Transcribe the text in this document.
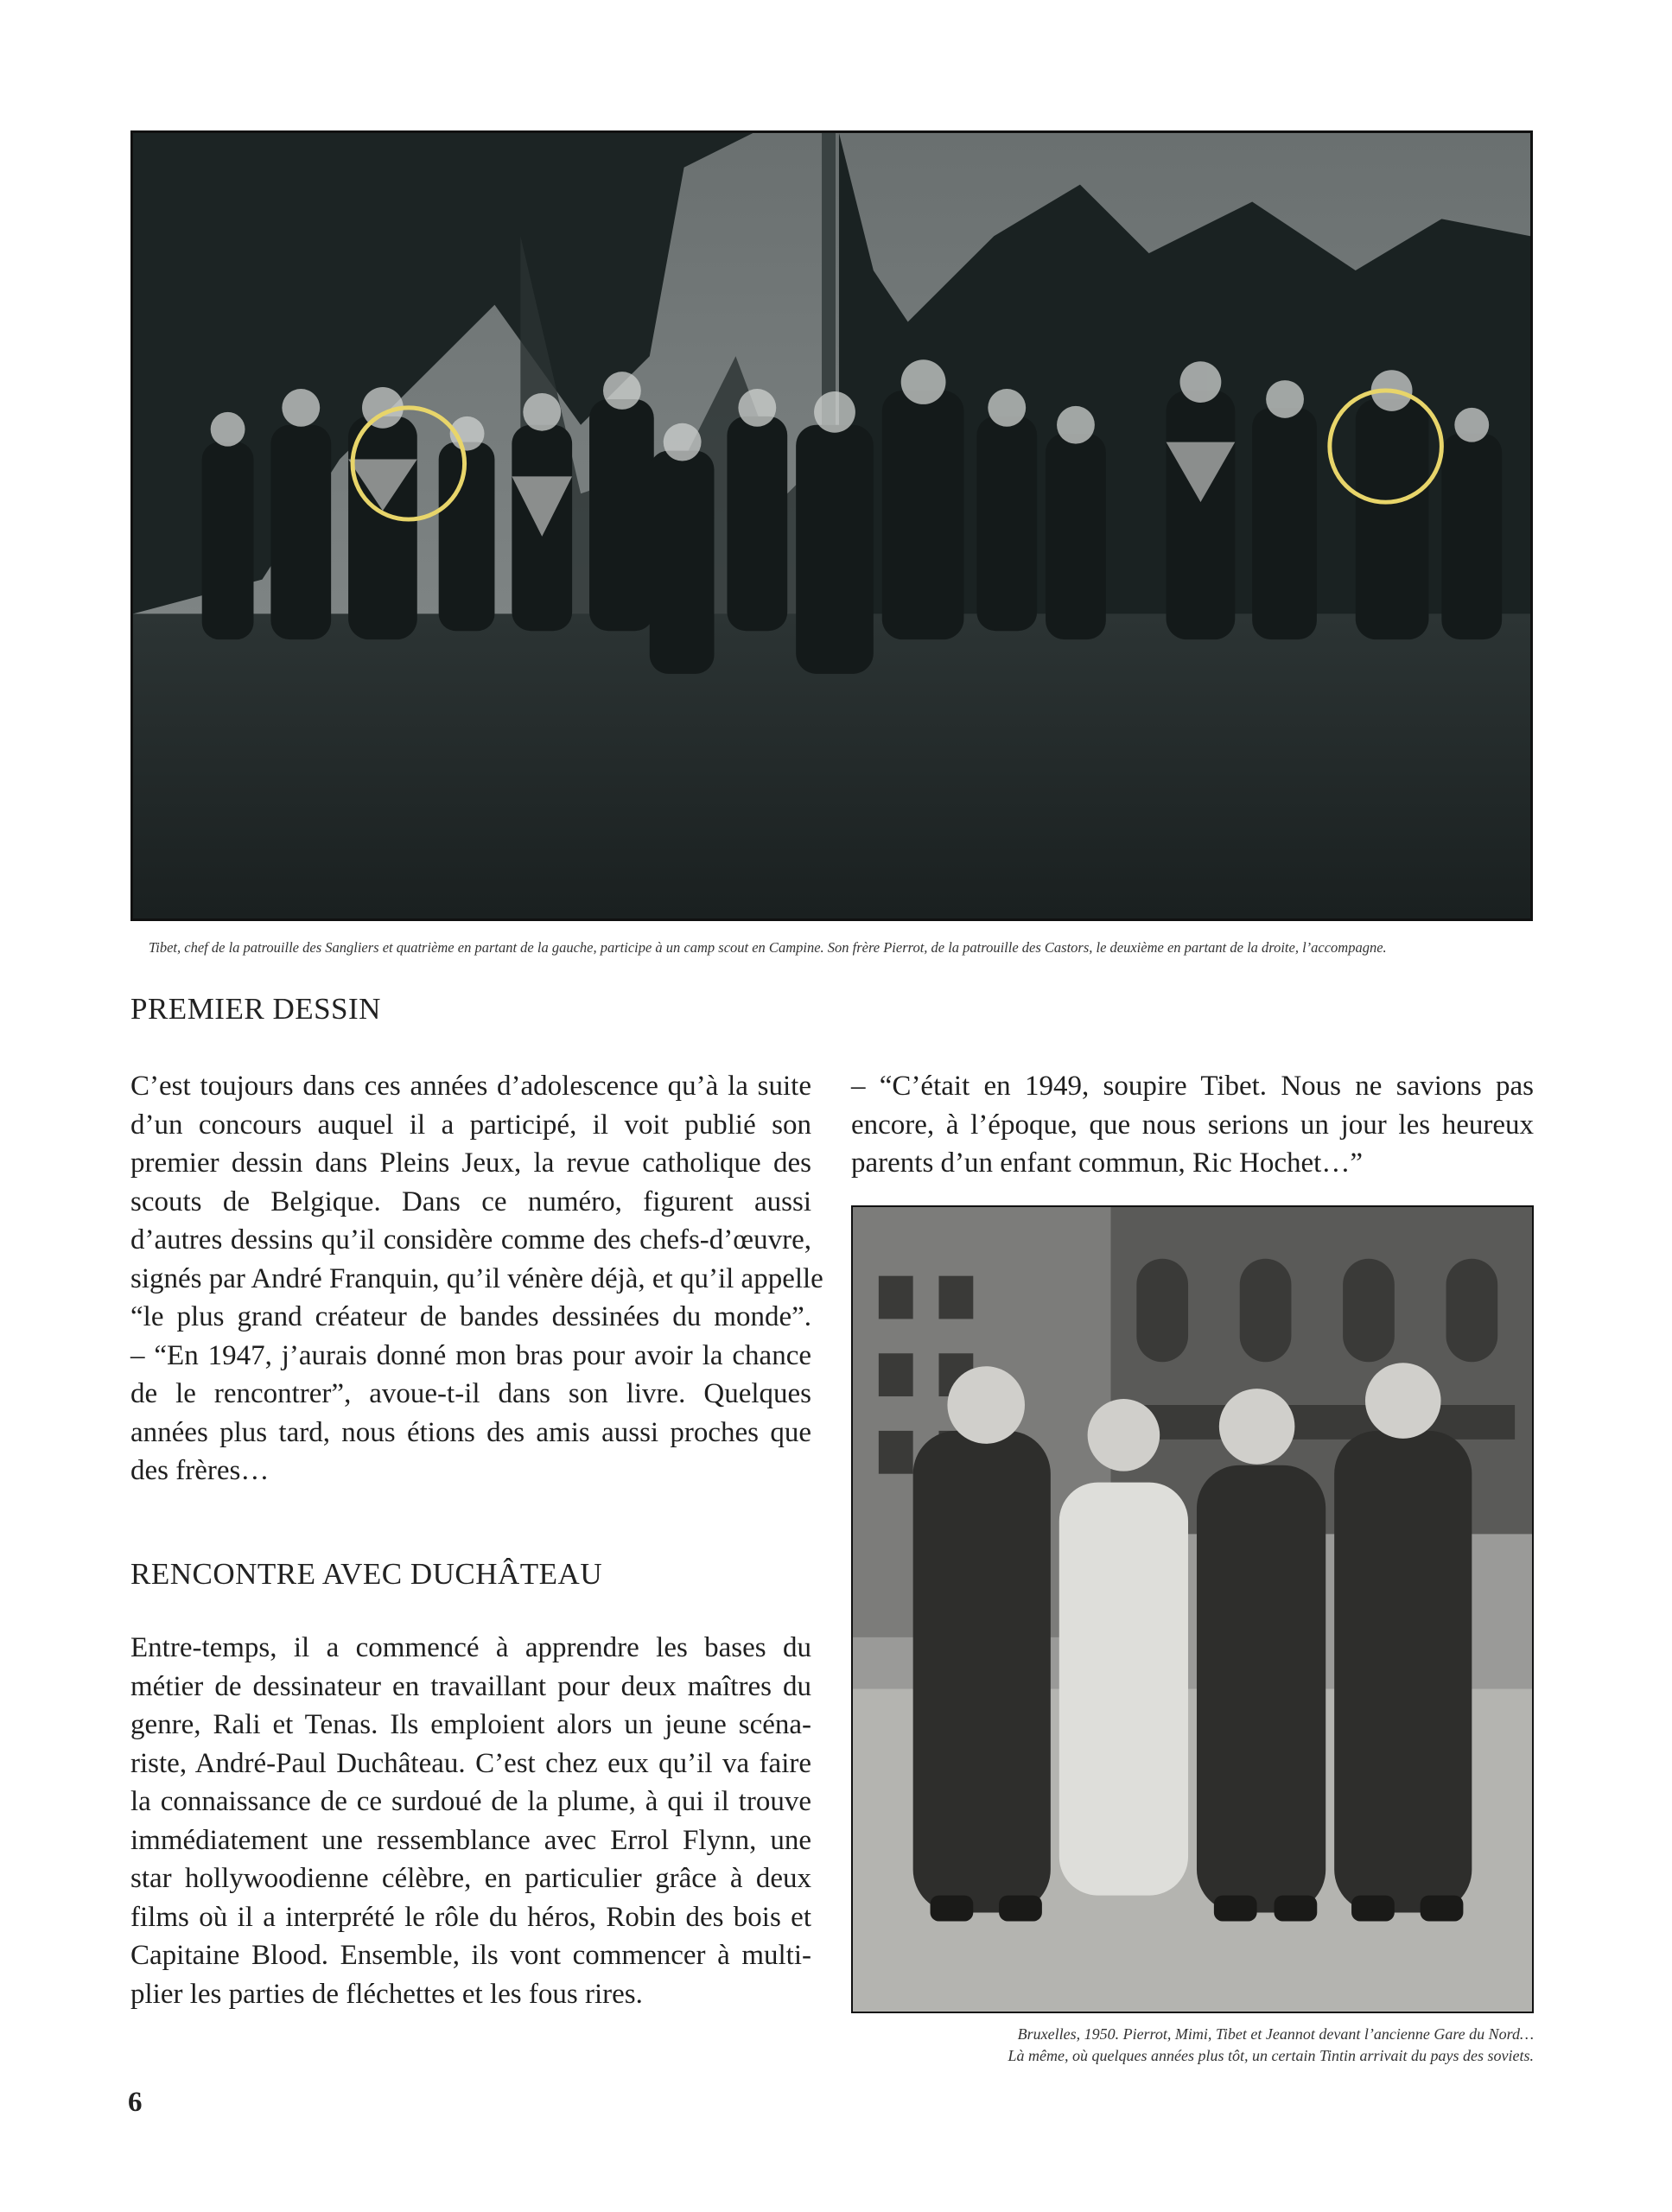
Tibet, chef de la patrouille des Sangliers et quatrième en partant de la gauche, participe à un camp scout en Campine. Son frère Pierrot, de la patrouille des Castors, le deuxième en partant de la droite, l’accompagne.
PREMIER DESSIN
C’est toujours dans ces années d’adolescence qu’à la suite
d’un concours auquel il a participé, il voit publié son
premier dessin dans Pleins Jeux, la revue catholique des
scouts de Belgique. Dans ce numéro, figurent aussi
d’autres dessins qu’il considère comme des chefs-d’œuvre,
signés par André Franquin, qu’il vénère déjà, et qu’il appelle
“le plus grand créateur de bandes dessinées du monde”.
– “En 1947, j’aurais donné mon bras pour avoir la chance
de le rencontrer”, avoue-t-il dans son livre. Quelques
années plus tard, nous étions des amis aussi proches que
des frères…
RENCONTRE AVEC DUCHÂTEAU
Entre-temps, il a commencé à apprendre les bases du
métier de dessinateur en travaillant pour deux maîtres du
genre, Rali et Tenas. Ils emploient alors un jeune scéna-
riste, André-Paul Duchâteau. C’est chez eux qu’il va faire
la connaissance de ce surdoué de la plume, à qui il trouve
immédiatement une ressemblance avec Errol Flynn, une
star hollywoodienne célèbre, en particulier grâce à deux
films où il a interprété le rôle du héros, Robin des bois et
Capitaine Blood. Ensemble, ils vont commencer à multi-
plier les parties de fléchettes et les fous rires.
– “C’était en 1949, soupire Tibet. Nous ne savions pas
encore, à l’époque, que nous serions un jour les heureux
parents d’un enfant commun, Ric Hochet…”
Bruxelles, 1950. Pierrot, Mimi, Tibet et Jeannot devant l’ancienne Gare du Nord…
Là même, où quelques années plus tôt, un certain Tintin arrivait du pays des soviets.
6
